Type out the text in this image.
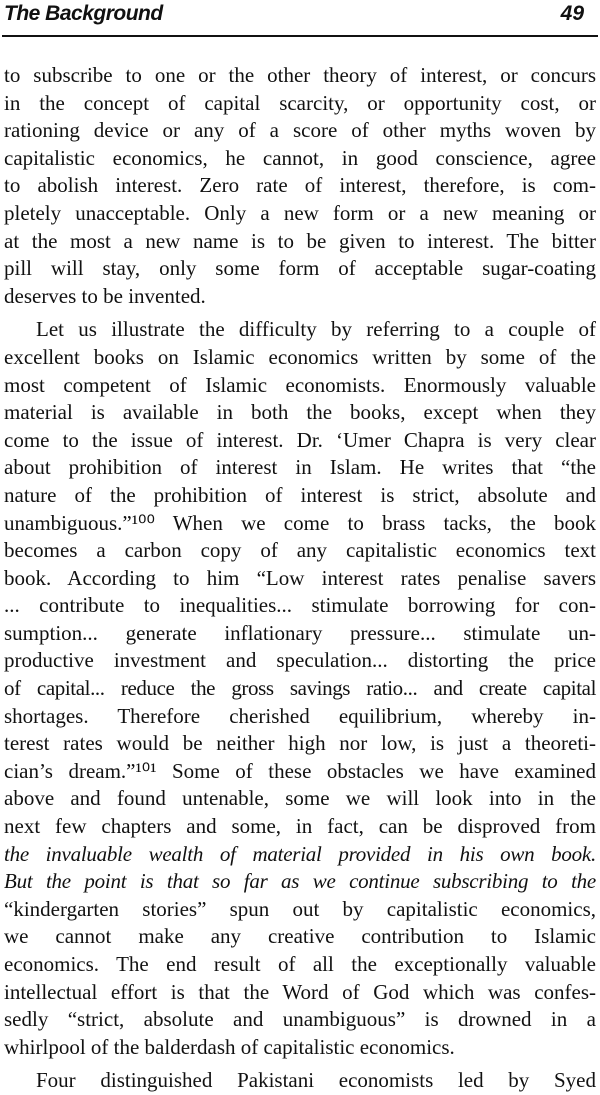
The Background	49
to subscribe to one or the other theory of interest, or concurs
in the concept of capital scarcity, or opportunity cost, or
rationing device or any of a score of other myths woven by
capitalistic economics, he cannot, in good conscience, agree
to abolish interest. Zero rate of interest, therefore, is com-
pletely unacceptable. Only a new form or a new meaning or
at the most a new name is to be given to interest. The bitter
pill will stay, only some form of acceptable sugar-coating
deserves to be invented.
Let us illustrate the difficulty by referring to a couple of
excellent books on Islamic economics written by some of the
most competent of Islamic economists. Enormously valuable
material is available in both the books, except when they
come to the issue of interest. Dr. ‘Umer Chapra is very clear
about prohibition of interest in Islam. He writes that “the
nature of the prohibition of interest is strict, absolute and
unambiguous.”¹⁰⁰ When we come to brass tacks, the book
becomes a carbon copy of any capitalistic economics text
book. According to him “Low interest rates penalise savers
... contribute to inequalities... stimulate borrowing for con-
sumption... generate inflationary pressure... stimulate un-
productive investment and speculation... distorting the price
of capital... reduce the gross savings ratio... and create capital
shortages. Therefore cherished equilibrium, whereby in-
terest rates would be neither high nor low, is just a theoreti-
cian’s dream.”¹⁰¹ Some of these obstacles we have examined
above and found untenable, some we will look into in the
next few chapters and some, in fact, can be disproved from
the invaluable wealth of material provided in his own book.
But the point is that so far as we continue subscribing to the
“kindergarten stories” spun out by capitalistic economics,
we cannot make any creative contribution to Islamic
economics. The end result of all the exceptionally valuable
intellectual effort is that the Word of God which was confes-
sedly “strict, absolute and unambiguous” is drowned in a
whirlpool of the balderdash of capitalistic economics.
Four distinguished Pakistani economists led by Syed
